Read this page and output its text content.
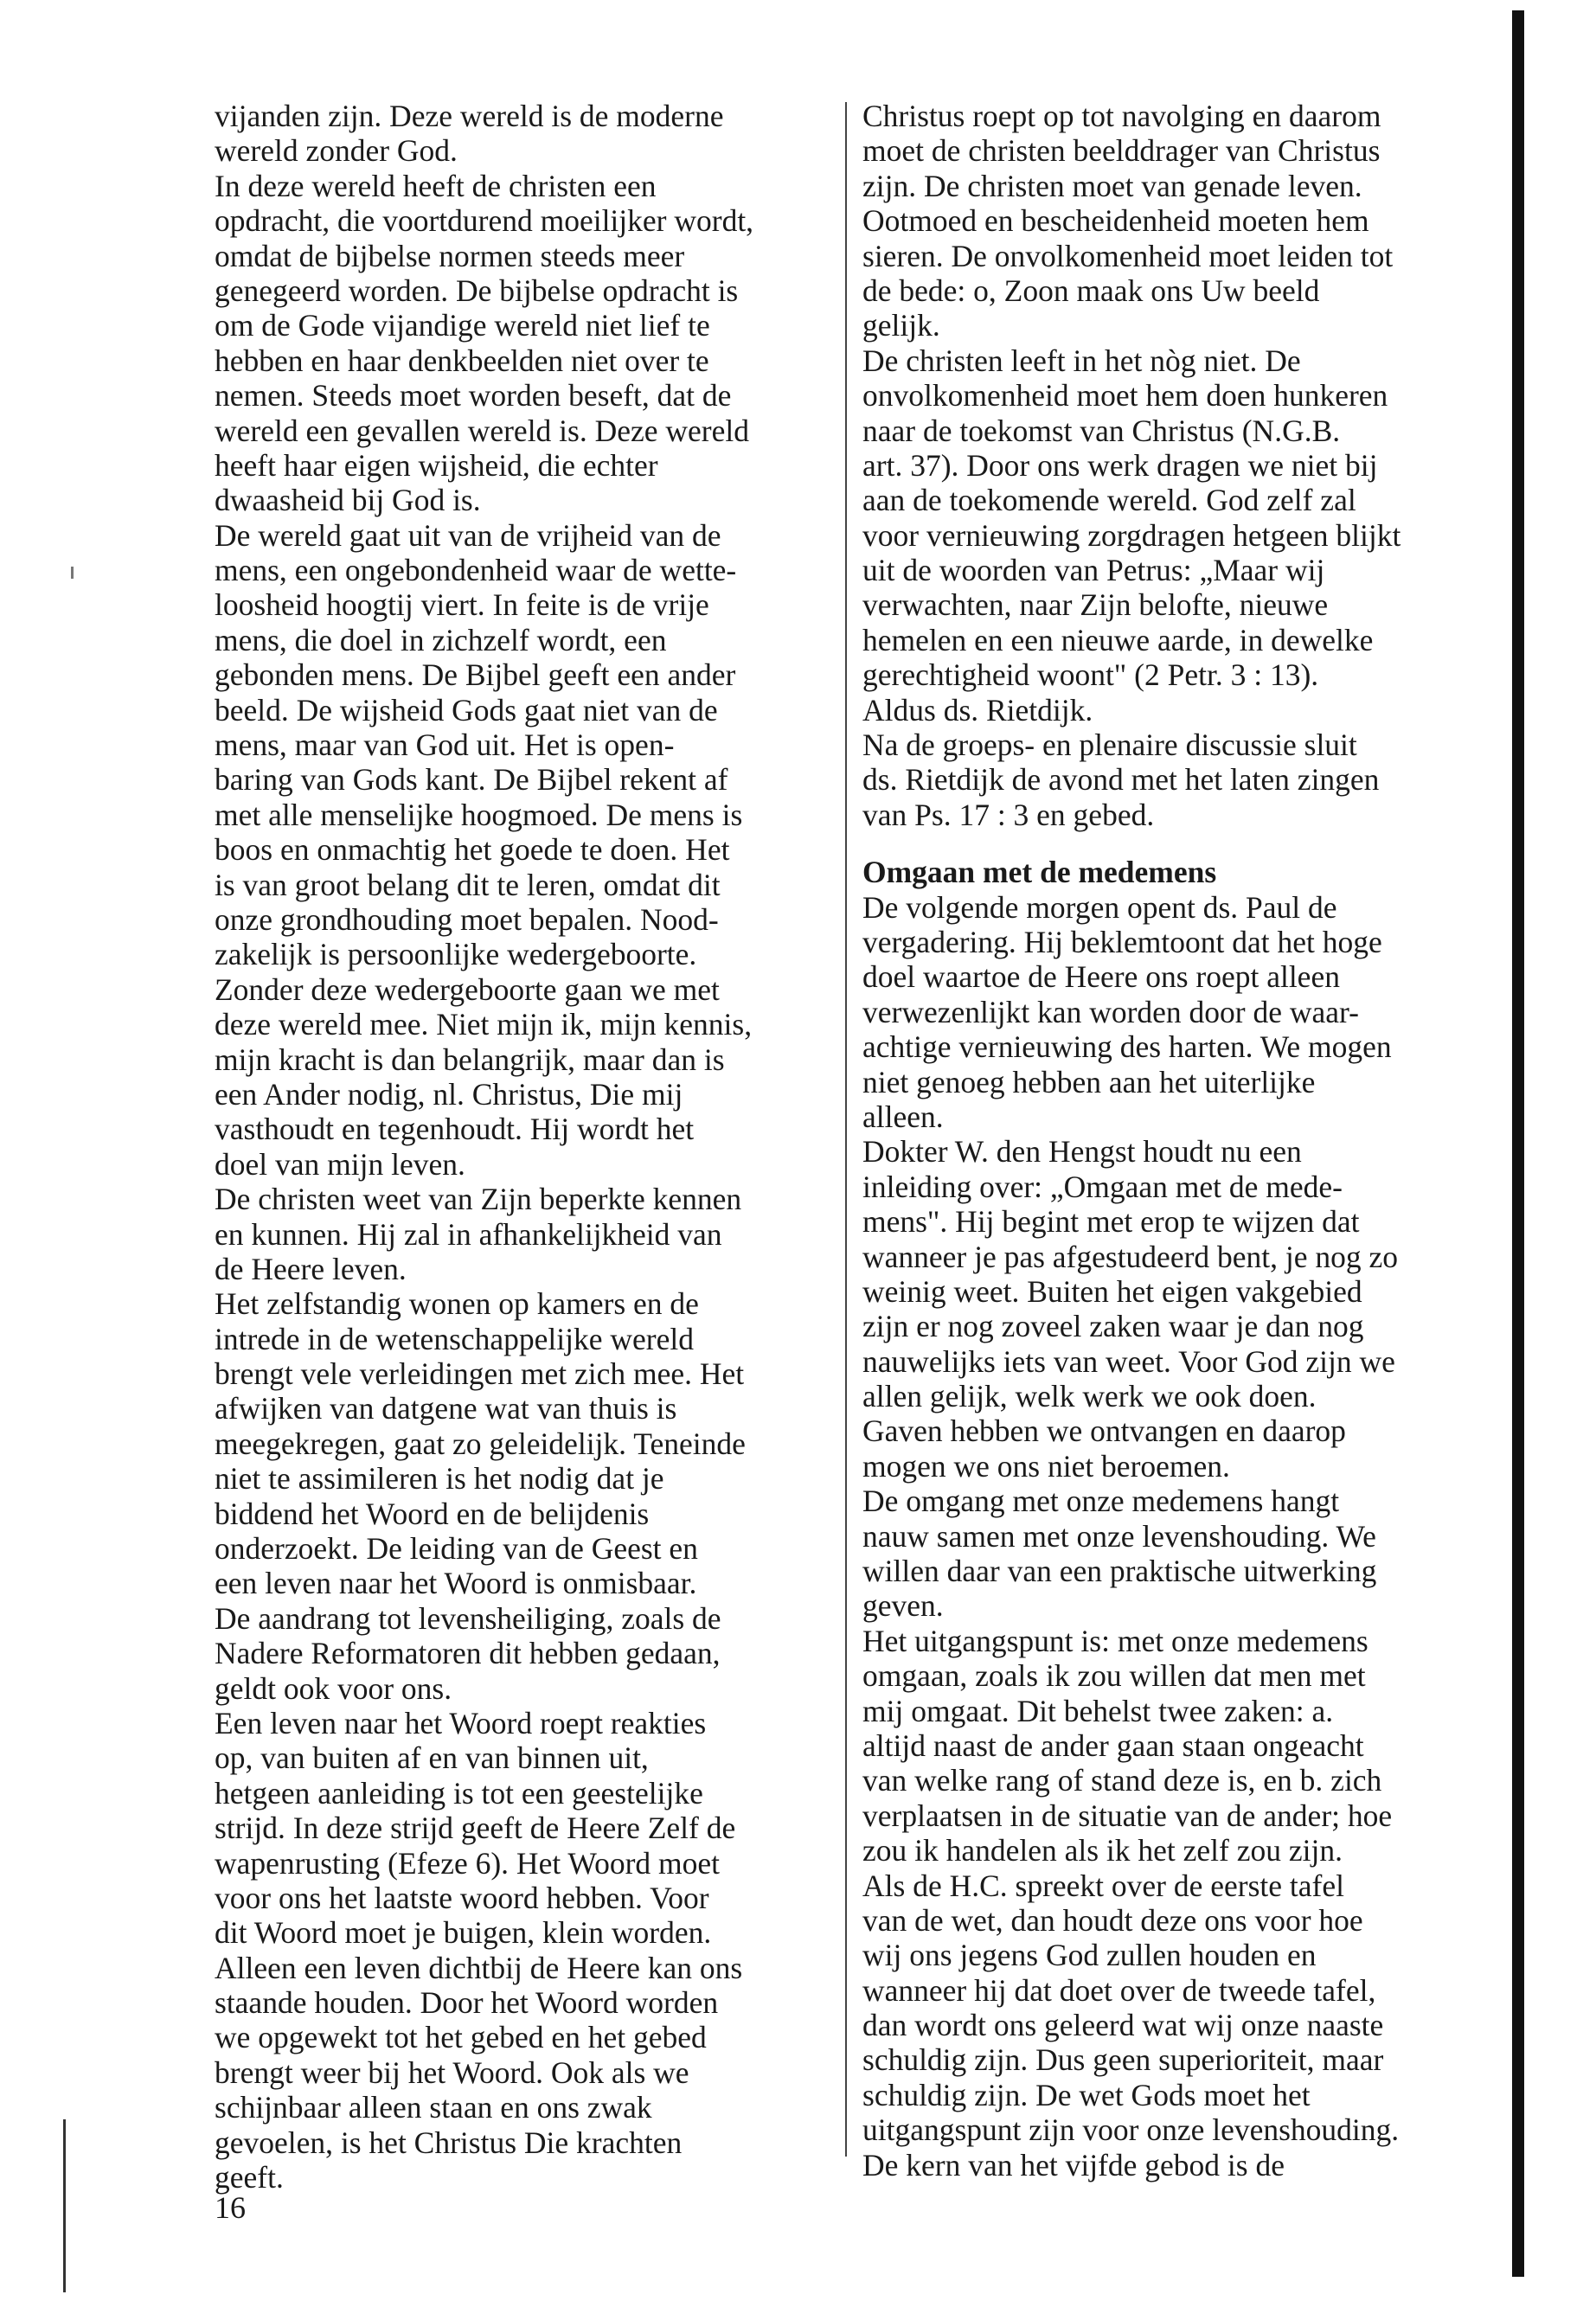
vijanden zijn. Deze wereld is de moderne
wereld zonder God.
In deze wereld heeft de christen een
opdracht, die voortdurend moeilijker wordt,
omdat de bijbelse normen steeds meer
genegeerd worden. De bijbelse opdracht is
om de Gode vijandige wereld niet lief te
hebben en haar denkbeelden niet over te
nemen. Steeds moet worden beseft, dat de
wereld een gevallen wereld is. Deze wereld
heeft haar eigen wijsheid, die echter
dwaasheid bij God is.
De wereld gaat uit van de vrijheid van de
mens, een ongebondenheid waar de wette-
loosheid hoogtij viert. In feite is de vrije
mens, die doel in zichzelf wordt, een
gebonden mens. De Bijbel geeft een ander
beeld. De wijsheid Gods gaat niet van de
mens, maar van God uit. Het is open-
baring van Gods kant. De Bijbel rekent af
met alle menselijke hoogmoed. De mens is
boos en onmachtig het goede te doen. Het
is van groot belang dit te leren, omdat dit
onze grondhouding moet bepalen. Nood-
zakelijk is persoonlijke wedergeboorte.
Zonder deze wedergeboorte gaan we met
deze wereld mee. Niet mijn ik, mijn kennis,
mijn kracht is dan belangrijk, maar dan is
een Ander nodig, nl. Christus, Die mij
vasthoudt en tegenhoudt. Hij wordt het
doel van mijn leven.
De christen weet van Zijn beperkte kennen
en kunnen. Hij zal in afhankelijkheid van
de Heere leven.
Het zelfstandig wonen op kamers en de
intrede in de wetenschappelijke wereld
brengt vele verleidingen met zich mee. Het
afwijken van datgene wat van thuis is
meegekregen, gaat zo geleidelijk. Teneinde
niet te assimileren is het nodig dat je
biddend het Woord en de belijdenis
onderzoekt. De leiding van de Geest en
een leven naar het Woord is onmisbaar.
De aandrang tot levensheiliging, zoals de
Nadere Reformatoren dit hebben gedaan,
geldt ook voor ons.
Een leven naar het Woord roept reakties
op, van buiten af en van binnen uit,
hetgeen aanleiding is tot een geestelijke
strijd. In deze strijd geeft de Heere Zelf de
wapenrusting (Efeze 6). Het Woord moet
voor ons het laatste woord hebben. Voor
dit Woord moet je buigen, klein worden.
Alleen een leven dichtbij de Heere kan ons
staande houden. Door het Woord worden
we opgewekt tot het gebed en het gebed
brengt weer bij het Woord. Ook als we
schijnbaar alleen staan en ons zwak
gevoelen, is het Christus Die krachten
geeft.
Christus roept op tot navolging en daarom
moet de christen beelddrager van Christus
zijn. De christen moet van genade leven.
Ootmoed en bescheidenheid moeten hem
sieren. De onvolkomenheid moet leiden tot
de bede: o, Zoon maak ons Uw beeld
gelijk.
De christen leeft in het nòg niet. De
onvolkomenheid moet hem doen hunkeren
naar de toekomst van Christus (N.G.B.
art. 37). Door ons werk dragen we niet bij
aan de toekomende wereld. God zelf zal
voor vernieuwing zorgdragen hetgeen blijkt
uit de woorden van Petrus: „Maar wij
verwachten, naar Zijn belofte, nieuwe
hemelen en een nieuwe aarde, in dewelke
gerechtigheid woont" (2 Petr. 3 : 13).
Aldus ds. Rietdijk.
Na de groeps- en plenaire discussie sluit
ds. Rietdijk de avond met het laten zingen
van Ps. 17 : 3 en gebed.
Omgaan met de medemens
De volgende morgen opent ds. Paul de
vergadering. Hij beklemtoont dat het hoge
doel waartoe de Heere ons roept alleen
verwezenlijkt kan worden door de waar-
achtige vernieuwing des harten. We mogen
niet genoeg hebben aan het uiterlijke
alleen.
Dokter W. den Hengst houdt nu een
inleiding over: „Omgaan met de mede-
mens". Hij begint met erop te wijzen dat
wanneer je pas afgestudeerd bent, je nog zo
weinig weet. Buiten het eigen vakgebied
zijn er nog zoveel zaken waar je dan nog
nauwelijks iets van weet. Voor God zijn we
allen gelijk, welk werk we ook doen.
Gaven hebben we ontvangen en daarop
mogen we ons niet beroemen.
De omgang met onze medemens hangt
nauw samen met onze levenshouding. We
willen daar van een praktische uitwerking
geven.
Het uitgangspunt is: met onze medemens
omgaan, zoals ik zou willen dat men met
mij omgaat. Dit behelst twee zaken: a.
altijd naast de ander gaan staan ongeacht
van welke rang of stand deze is, en b. zich
verplaatsen in de situatie van de ander; hoe
zou ik handelen als ik het zelf zou zijn.
Als de H.C. spreekt over de eerste tafel
van de wet, dan houdt deze ons voor hoe
wij ons jegens God zullen houden en
wanneer hij dat doet over de tweede tafel,
dan wordt ons geleerd wat wij onze naaste
schuldig zijn. Dus geen superioriteit, maar
schuldig zijn. De wet Gods moet het
uitgangspunt zijn voor onze levenshouding.
De kern van het vijfde gebod is de
16
